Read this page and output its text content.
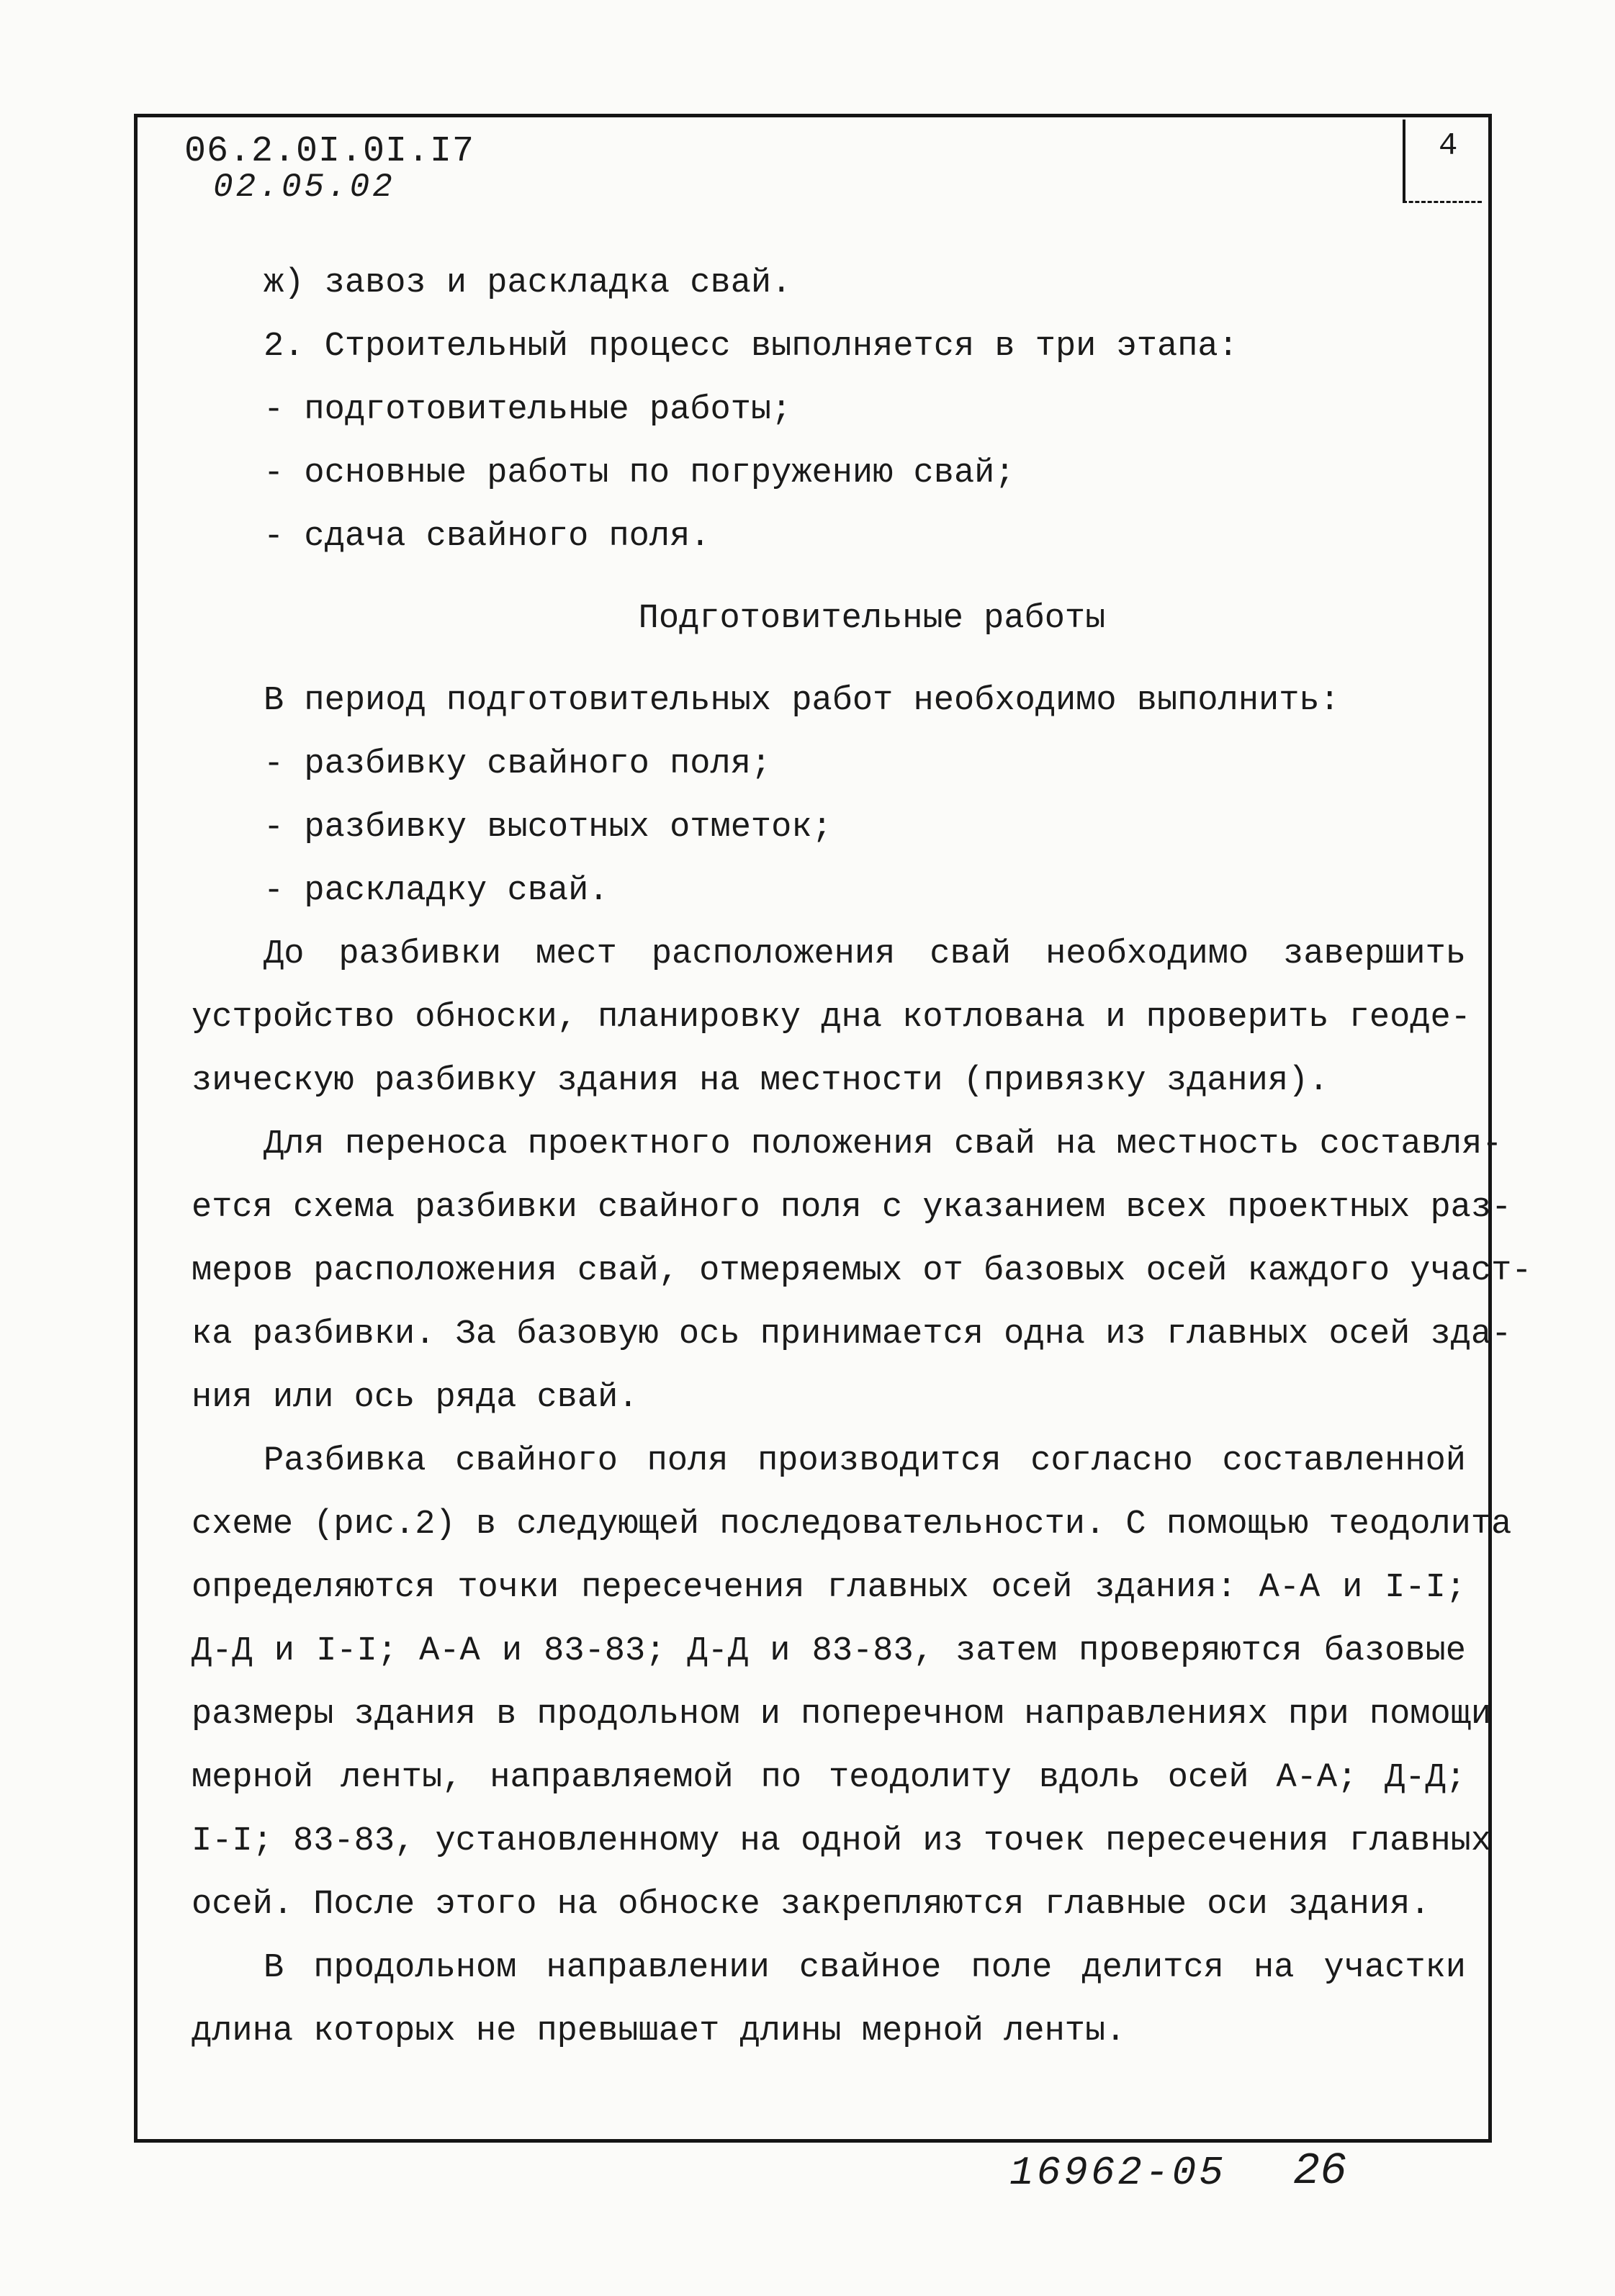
06.2.0I.0I.I7
02.05.02
4
ж) завоз и раскладка свай.
2. Строительный процесс выполняется в три этапа:
- подготовительные работы;
- основные работы по погружению свай;
- сдача свайного поля.
Подготовительные работы
В период подготовительных работ необходимо выполнить:
- разбивку свайного поля;
- разбивку высотных отметок;
- раскладку свай.
До разбивки мест расположения свай необходимо завершить
устройство обноски, планировку дна котлована и проверить геоде-
зическую разбивку здания на местности (привязку здания).
Для переноса проектного положения свай на местность составля-
ется схема разбивки свайного поля с указанием всех проектных раз-
меров расположения свай, отмеряемых от базовых осей каждого участ-
ка разбивки. За базовую ось принимается одна из главных осей зда-
ния или ось ряда свай.
Разбивка свайного поля производится согласно составленной
схеме (рис.2) в следующей последовательности. С помощью теодолита
определяются точки пересечения главных осей здания: А-А и I-I;
Д-Д и I-I; А-А и 83-83; Д-Д и 83-83, затем проверяются базовые
размеры здания в продольном и поперечном направлениях при помощи
мерной ленты, направляемой по теодолиту вдоль осей А-А; Д-Д;
I-I; 83-83, установленному на одной из точек пересечения главных
осей. После этого на обноске закрепляются главные оси здания.
В продольном направлении свайное поле делится на участки
длина которых не превышает длины мерной ленты.
16962-05 26
